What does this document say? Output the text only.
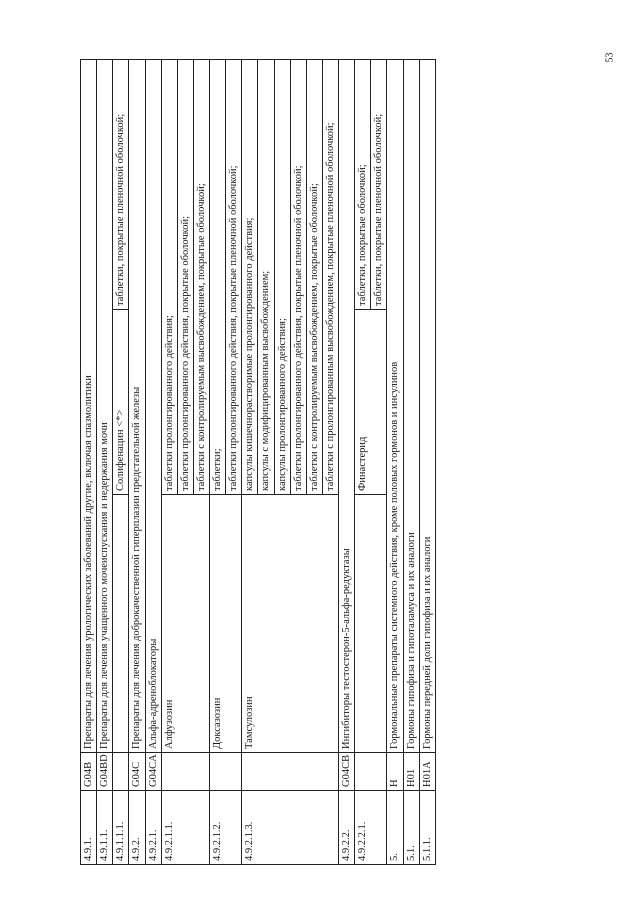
53
4.9.1.	G04B	Препараты для лечения урологических заболеваний другие, включая спазмолитики		
4.9.1.1.	G04BD	Препараты для лечения учащенного мочеиспускания и недержания мочи		
4.9.1.1.1.			Солифенацин <*>	таблетки, покрытые пленочной оболочкой;
4.9.2.	G04C	Препараты для лечения доброкачественной гиперплазии предстательной железы		
4.9.2.1.	G04CA	Альфа-адреноблокаторы		
4.9.2.1.1.		Алфузозин	таблетки пролонгированного действия;	
			таблетки пролонгированного действия, покрытые оболочкой;	
			таблетки с контролируемым высвобождением, покрытые оболочкой;	
4.9.2.1.2.		Доксазозин	таблетки;	
			таблетки пролонгированного действия, покрытые пленочной оболочкой;	
4.9.2.1.3.		Тамсулозин	капсулы кишечнорастворимые пролонгированного действия;	
			капсулы с модифицированным высвобождением;	
			капсулы пролонгированного действия;	
			таблетки пролонгированного действия, покрытые пленочной оболочкой;	
			таблетки с контролируемым высвобождением, покрытые оболочкой;	
			таблетки с пролонгированным высвобождением, покрытые пленочной оболочкой;	
4.9.2.2.	G04CB	Ингибиторы тестостерон-5-альфа-редуктазы		
4.9.2.2.1.			Финастерид	таблетки, покрытые оболочкой;
				таблетки, покрытые пленочной оболочкой;
5.	H	Гормональные препараты системного действия, кроме половых гормонов и инсулинов		
5.1.	H01	Гормоны гипофиза и гипоталамуса и их аналоги		
5.1.1.	H01A	Гормоны передней доли гипофиза и их аналоги		
